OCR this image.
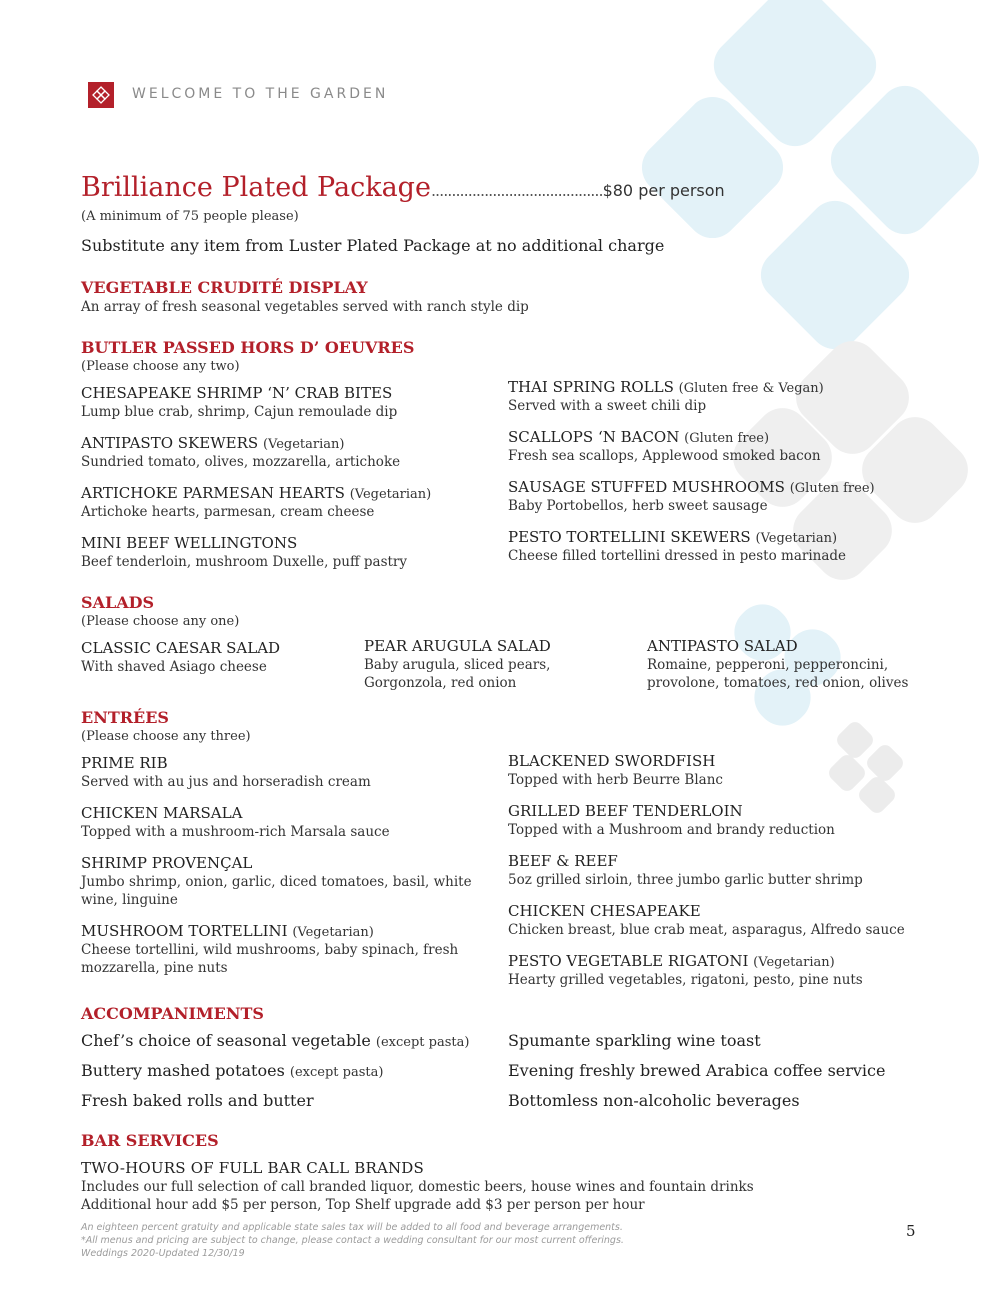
WELCOME TO THE GARDEN
Brilliance Plated Package..........................................$80 per person
(A minimum of 75 people please)
Substitute any item from Luster Plated Package at no additional charge
VEGETABLE CRUDITÉ DISPLAY
An array of fresh seasonal vegetables served with ranch style dip
BUTLER PASSED HORS D’ OEUVRES
(Please choose any two)
CHESAPEAKE SHRIMP ‘N’ CRAB BITES
Lump blue crab, shrimp, Cajun remoulade dip
ANTIPASTO SKEWERS (Vegetarian)
Sundried tomato, olives, mozzarella, artichoke
ARTICHOKE PARMESAN HEARTS (Vegetarian)
Artichoke hearts, parmesan, cream cheese
MINI BEEF WELLINGTONS
Beef tenderloin, mushroom Duxelle, puff pastry
THAI SPRING ROLLS (Gluten free & Vegan)
Served with a sweet chili dip
SCALLOPS ‘N BACON (Gluten free)
Fresh sea scallops, Applewood smoked bacon
SAUSAGE STUFFED MUSHROOMS (Gluten free)
Baby Portobellos, herb sweet sausage
PESTO TORTELLINI SKEWERS (Vegetarian)
Cheese filled tortellini dressed in pesto marinade
SALADS
(Please choose any one)
CLASSIC CAESAR SALAD
With shaved Asiago cheese
PEAR ARUGULA SALAD
Baby arugula, sliced pears,
Gorgonzola, red onion
ANTIPASTO SALAD
Romaine, pepperoni, pepperoncini,
provolone, tomatoes, red onion, olives
ENTRÉES
(Please choose any three)
PRIME RIB
Served with au jus and horseradish cream
CHICKEN MARSALA
Topped with a mushroom-rich Marsala sauce
SHRIMP PROVENÇAL
Jumbo shrimp, onion, garlic, diced tomatoes, basil, white
wine, linguine
MUSHROOM TORTELLINI (Vegetarian)
Cheese tortellini, wild mushrooms, baby spinach, fresh
mozzarella, pine nuts
BLACKENED SWORDFISH
Topped with herb Beurre Blanc
GRILLED BEEF TENDERLOIN
Topped with a Mushroom and brandy reduction
BEEF & REEF
5oz grilled sirloin, three jumbo garlic butter shrimp
CHICKEN CHESAPEAKE
Chicken breast, blue crab meat, asparagus, Alfredo sauce
PESTO VEGETABLE RIGATONI (Vegetarian)
Hearty grilled vegetables, rigatoni, pesto, pine nuts
ACCOMPANIMENTS
Chef’s choice of seasonal vegetable (except pasta)
Buttery mashed potatoes (except pasta)
Fresh baked rolls and butter
Spumante sparkling wine toast
Evening freshly brewed Arabica coffee service
Bottomless non-alcoholic beverages
BAR SERVICES
TWO-HOURS OF FULL BAR CALL BRANDS
Includes our full selection of call branded liquor, domestic beers, house wines and fountain drinks
Additional hour add $5 per person, Top Shelf upgrade add $3 per person per hour
An eighteen percent gratuity and applicable state sales tax will be added to all food and beverage arrangements.
*All menus and pricing are subject to change, please contact a wedding consultant for our most current offerings.
Weddings 2020-Updated 12/30/19
5
